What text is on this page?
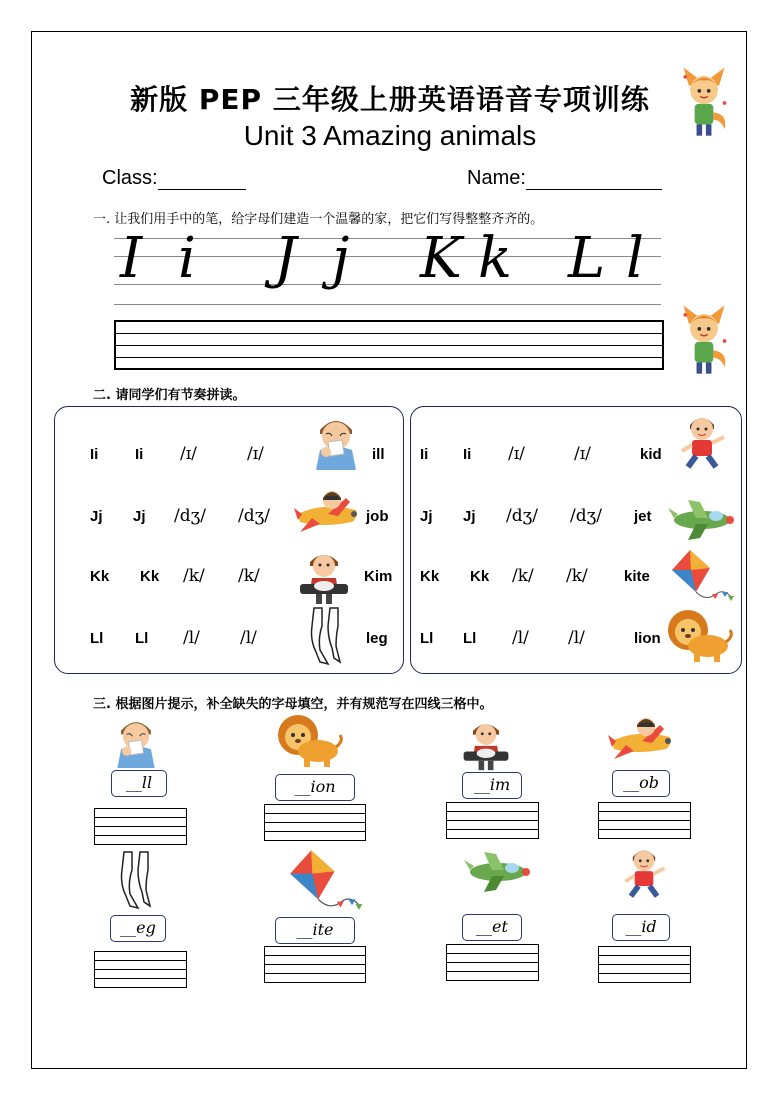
新版 PEP 三年级上册英语语音专项训练
Unit 3 Amazing animals
Class:	Name:
一. 让我们用手中的笔，给字母们建造一个温馨的家，把它们写得整整齐齐的。
I i J j K k L l
二. 请同学们有节奏拼读。
Ii Ii /ɪ/	/ɪ/	ill
Jj Jj /dʒ/ /dʒ/	job
Kk Kk /k/ /k/	Kim
Ll Ll /l/ /l/	leg
Ii Ii /ɪ/	/ɪ/	kid
Jj Jj /dʒ/ /dʒ/ jet
Kk Kk /k/ /k/ kite
Ll Ll /l/ /l/	lion
三. 根据图片提示，补全缺失的字母填空，并有规范写在四线三格中。
__ll	__ion	__im	__ob
__eg	__ite	__et	__id
